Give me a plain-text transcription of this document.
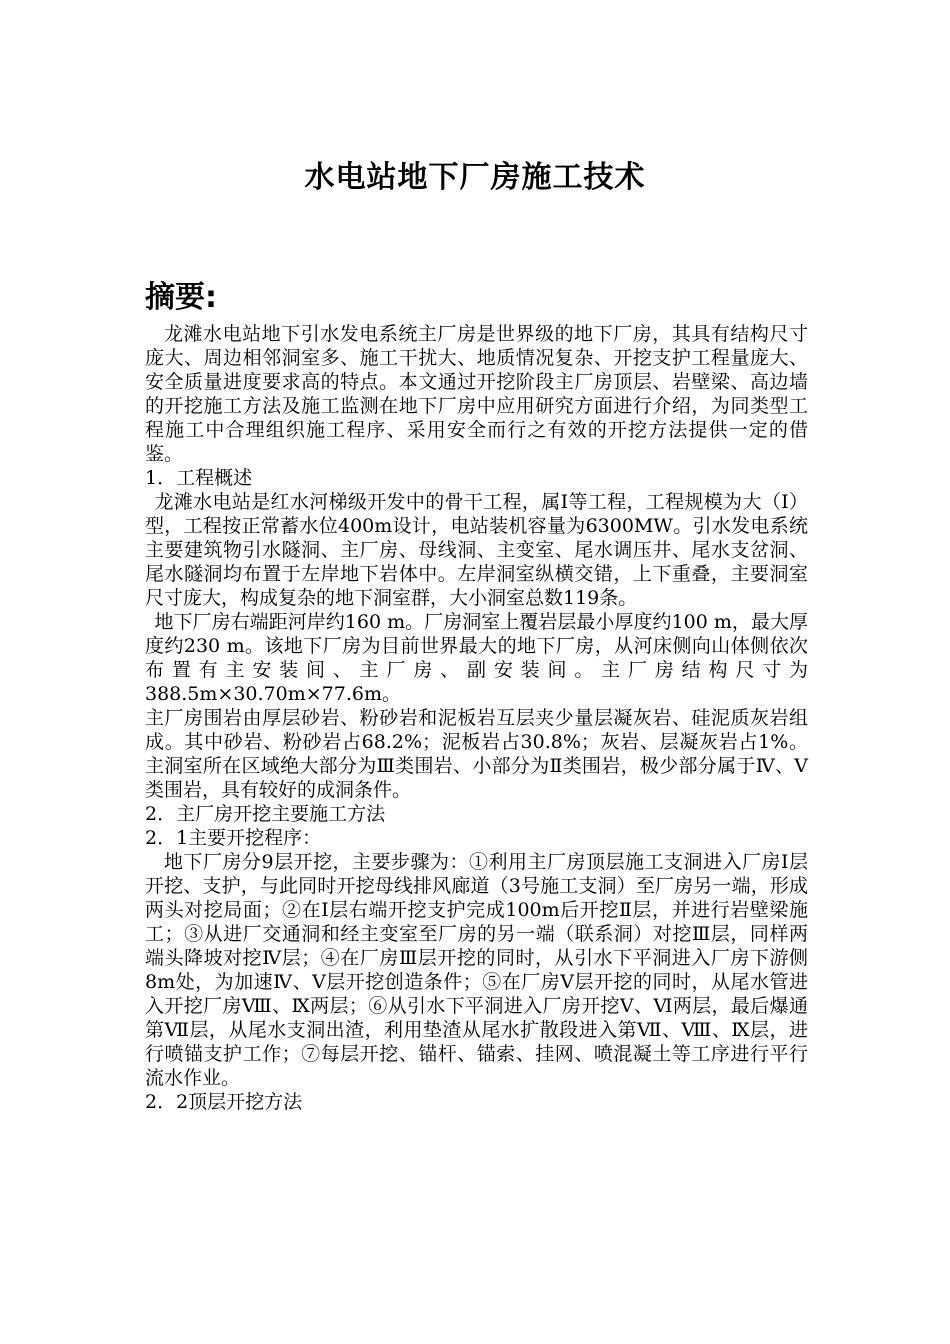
水电站地下厂房施工技术
摘要:

龙滩水电站地下引水发电系统主厂房是世界级的地下厂房，其具有结构尺寸庞大、周边相邻洞室多、施工干扰大、地质情况复杂、开挖支护工程量庞大、安全质量进度要求高的特点。本文通过开挖阶段主厂房顶层、岩壁梁、高边墙的开挖施工方法及施工监测在地下厂房中应用研究方面进行介绍，为同类型工程施工中合理组织施工程序、采用安全而行之有效的开挖方法提供一定的借鉴。

1．工程概述

龙滩水电站是红水河梯级开发中的骨干工程，属Ⅰ等工程，工程规模为大（Ⅰ）型，工程按正常蓄水位400m设计，电站装机容量为6300MW。引水发电系统主要建筑物引水隧洞、主厂房、母线洞、主变室、尾水调压井、尾水支岔洞、尾水隧洞均布置于左岸地下岩体中。左岸洞室纵横交错，上下重叠，主要洞室尺寸庞大，构成复杂的地下洞室群，大小洞室总数119条。

地下厂房右端距河岸约160 m。厂房洞室上覆岩层最小厚度约100 m，最大厚度约230 m。该地下厂房为目前世界最大的地下厂房，从河床侧向山体侧依次布置有主安装间、主厂房、副安装间。主厂房结构尺寸为388.5m×30.70m×77.6m。

主厂房围岩由厚层砂岩、粉砂岩和泥板岩互层夹少量层凝灰岩、硅泥质灰岩组成。其中砂岩、粉砂岩占68.2%；泥板岩占30.8%；灰岩、层凝灰岩占1%。主洞室所在区域绝大部分为Ⅲ类围岩、小部分为Ⅱ类围岩，极少部分属于Ⅳ、Ⅴ类围岩，具有较好的成洞条件。

2．主厂房开挖主要施工方法

2．1主要开挖程序：

地下厂房分9层开挖，主要步骤为：①利用主厂房顶层施工支洞进入厂房Ⅰ层开挖、支护，与此同时开挖母线排风廊道（3号施工支洞）至厂房另一端，形成两头对挖局面；②在Ⅰ层右端开挖支护完成100m后开挖Ⅱ层，并进行岩壁梁施工；③从进厂交通洞和经主变室至厂房的另一端（联系洞）对挖Ⅲ层，同样两端头降坡对挖Ⅳ层；④在厂房Ⅲ层开挖的同时，从引水下平洞进入厂房下游侧8m处，为加速Ⅳ、Ⅴ层开挖创造条件；⑤在厂房Ⅴ层开挖的同时，从尾水管进入开挖厂房Ⅷ、Ⅸ两层；⑥从引水下平洞进入厂房开挖Ⅴ、Ⅵ两层，最后爆通第Ⅶ层，从尾水支洞出渣，利用垫渣从尾水扩散段进入第Ⅶ、Ⅷ、Ⅸ层，进行喷锚支护工作；⑦每层开挖、锚杆、锚索、挂网、喷混凝土等工序进行平行流水作业。

2．2顶层开挖方法
